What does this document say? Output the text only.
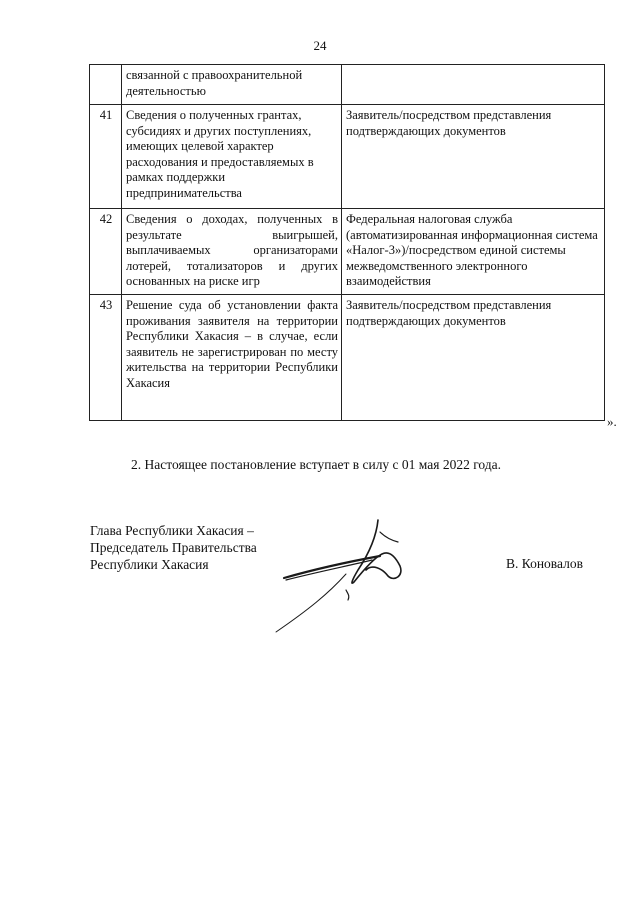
24
	связанной с правоохранительной деятельностью	
41	Сведения о полученных грантах, субсидиях и других поступлениях, имеющих целевой характер расходования и предоставляемых в рамках поддержки предпринимательства	Заявитель/посредством представления подтверждающих документов
42	Сведения о доходах, полученных в результате выигрышей, выплачиваемых организаторами лотерей, тотализаторов и других основанных на риске игр	Федеральная налоговая служба (автоматизированная информационная система «Налог-3»)/посредством единой системы межведомственного электронного взаимодействия
43	Решение суда об установлении факта проживания заявителя на территории Республики Хакасия – в случае, если заявитель не зарегистрирован по месту жительства на территории Республики Хакасия	Заявитель/посредством представления подтверждающих документов
».
2. Настоящее постановление вступает в силу с 01 мая 2022 года.
Глава Республики Хакасия –
Председатель Правительства
Республики Хакасия	В. Коновалов
